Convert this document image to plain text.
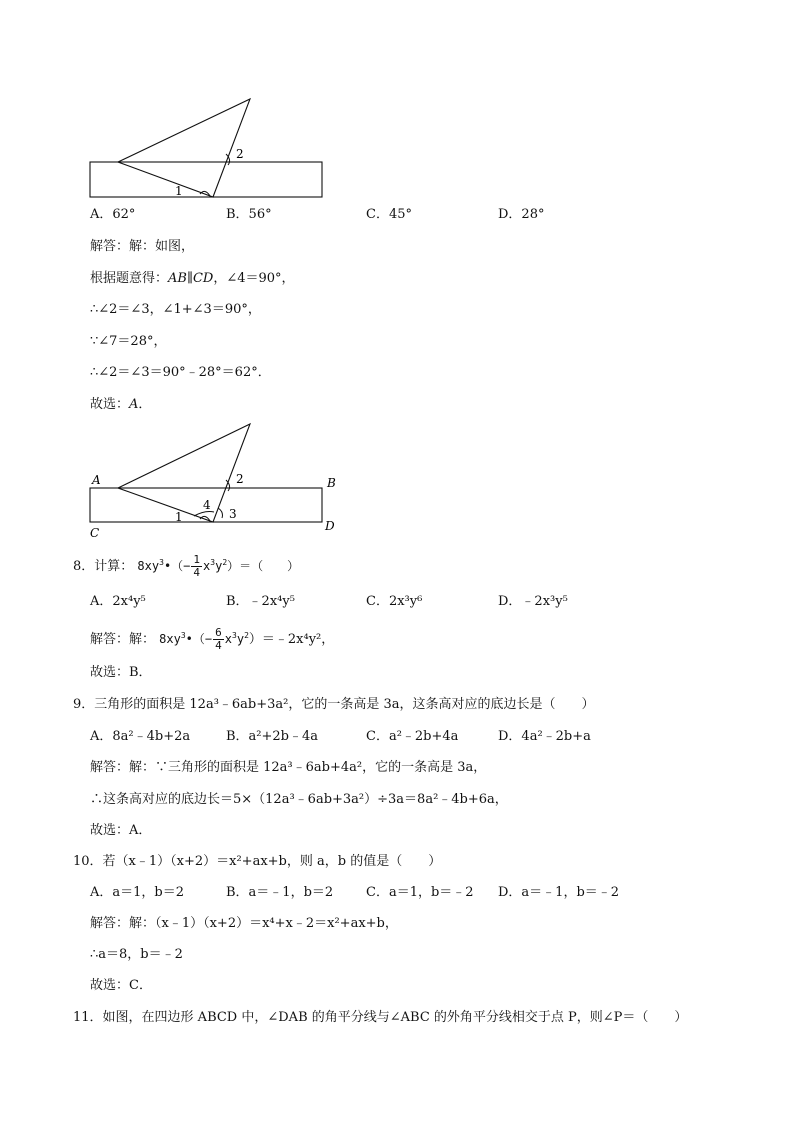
1
2
A．62°	B．56°	C．45°	D．28°
解答：解：如图，
根据题意得：AB∥CD，∠4＝90°，
∴∠2＝∠3，∠1+∠3＝90°，
∵∠7＝28°，
∴∠2＝∠3＝90°﹣28°＝62°．
故选：A．
A	B
C	D
1
2
3
4
8．计算： $8xy^3•(- \frac{1}{4} x^3y^2)=$（　　）
A．2x⁴y⁵	B．﹣2x⁴y⁵	C．2x³y⁶	D．﹣2x³y⁵
解答：解： $8xy^3•(- \frac{6}{4}$ $x^3y^2)=﹣2x^4y^2$，
故选：B．
9．三角形的面积是 12a³﹣6ab+3a²，它的一条高是 3a，这条高对应的底边长是（　　）
A．8a²﹣4b+2a	B．a²+2b﹣4a	C．a²﹣2b+4a	D．4a²﹣2b+a
解答：解：∵三角形的面积是 12a³﹣6ab+4a²，它的一条高是 3a，
∴这条高对应的底边长＝5×（12a³﹣6ab+3a²）÷3a＝8a²﹣4b+6a，
故选：A．
10．若（x﹣1）（x+2）＝x²+ax+b，则 a，b 的值是（　　）
A．a＝1，b＝2	B．a＝﹣1，b＝2	C．a＝1，b＝﹣2 D．a＝﹣1，b＝﹣2
解答：解：（x﹣1）（x+2）＝x⁴+x﹣2＝x²+ax+b，
∴a＝8，b＝﹣2
故选：C．
11．如图，在四边形 ABCD 中，∠DAB 的角平分线与∠ABC 的外角平分线相交于点 P，则∠P＝（　　）
